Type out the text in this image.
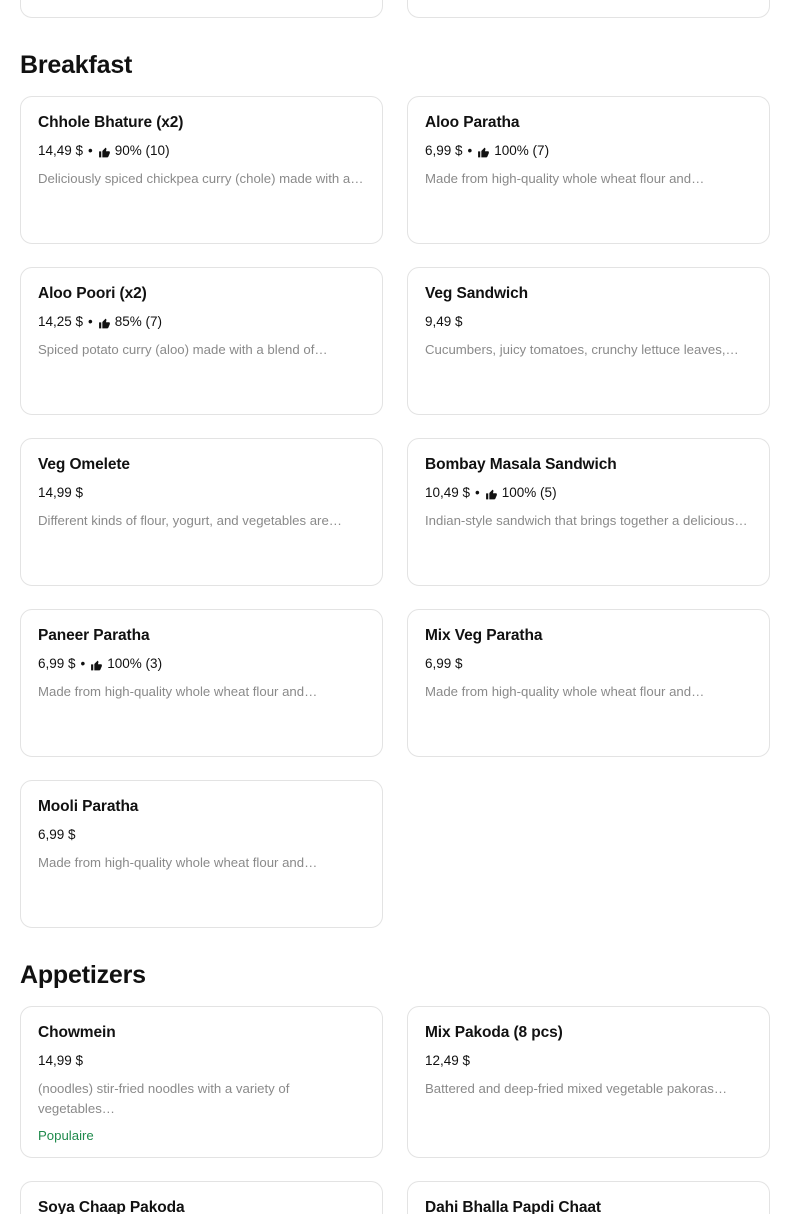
Breakfast
Chhole Bhature (x2)
14,49 $ • 90% (10)
Deliciously spiced chickpea curry (chole) made with a…
Aloo Paratha
6,99 $ • 100% (7)
Made from high-quality whole wheat flour and…
Aloo Poori (x2)
14,25 $ • 85% (7)
Spiced potato curry (aloo) made with a blend of…
Veg Sandwich
9,49 $
Cucumbers, juicy tomatoes, crunchy lettuce leaves,…
Veg Omelete
14,99 $
Different kinds of flour, yogurt, and vegetables are…
Bombay Masala Sandwich
10,49 $ • 100% (5)
Indian-style sandwich that brings together a delicious…
Paneer Paratha
6,99 $ • 100% (3)
Made from high-quality whole wheat flour and…
Mix Veg Paratha
6,99 $
Made from high-quality whole wheat flour and…
Mooli Paratha
6,99 $
Made from high-quality whole wheat flour and…
Appetizers
Chowmein
14,99 $
(noodles) stir-fried noodles with a variety of vegetables…
Populaire
Mix Pakoda (8 pcs)
12,49 $
Battered and deep-fried mixed vegetable pakoras…
Soya Chaap Pakoda	Dahi Bhalla Papdi Chaat
